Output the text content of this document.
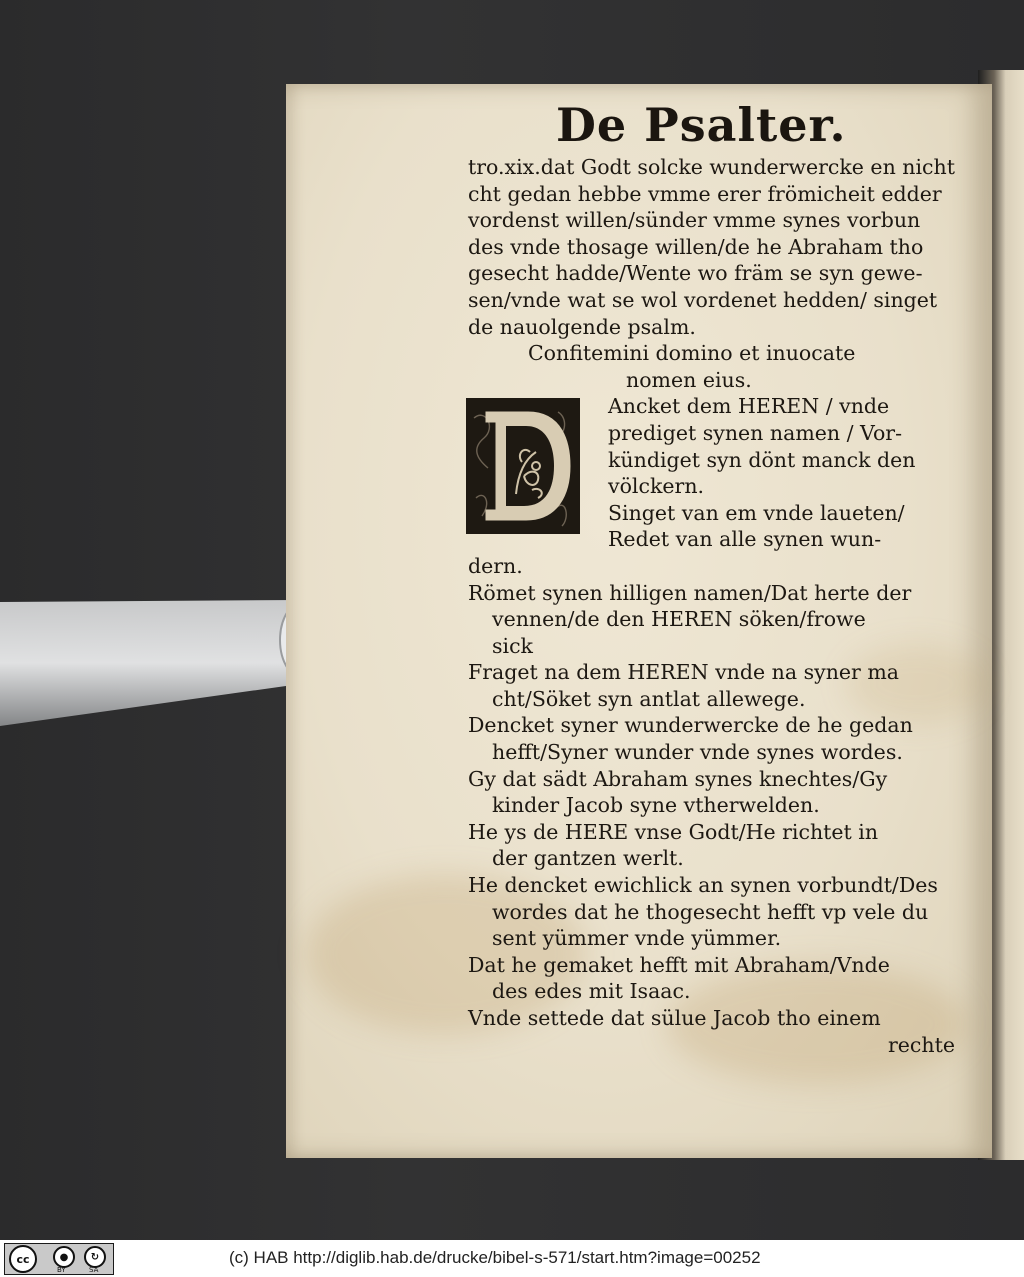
De Psalter.

tro.xix.dat Godt solcke wunderwercke en nicht

cht gedan hebbe vmme erer frömicheit edder

vordenst willen/sünder vmme synes vorbun

des vnde thosage willen/de he Abraham tho

gesecht hadde/Wente wo främ se syn gewe-

sen/vnde wat se wol vordenet hedden/ singet

de nauolgende psalm.

Confitemini domino et inuocate

nomen eius.

Ancket dem HEREN / vnde

prediget synen namen / Vor-

kündiget syn dönt manck den

völckern.

Singet van em vnde laueten/

Redet van alle synen wun-

dern.

Römet synen hilligen namen/Dat herte der

vennen/de den HEREN söken/frowe

sick

Fraget na dem HEREN vnde na syner ma

cht/Söket syn antlat allewege.

Dencket syner wunderwercke de he gedan

hefft/Syner wunder vnde synes wordes.

Gy dat sädt Abraham synes knechtes/Gy

kinder Jacob syne vtherwelden.

He ys de HERE vnse Godt/He richtet in

der gantzen werlt.

He dencket ewichlick an synen vorbundt/Des

wordes dat he thogesecht hefft vp vele du

sent yümmer vnde yümmer.

Dat he gemaket hefft mit Abraham/Vnde

des edes mit Isaac.

Vnde settede dat sülue Jacob tho einem

rechte

cc	●	↻
BY	SA
(c) HAB http://diglib.hab.de/drucke/bibel-s-571/start.htm?image=00252
